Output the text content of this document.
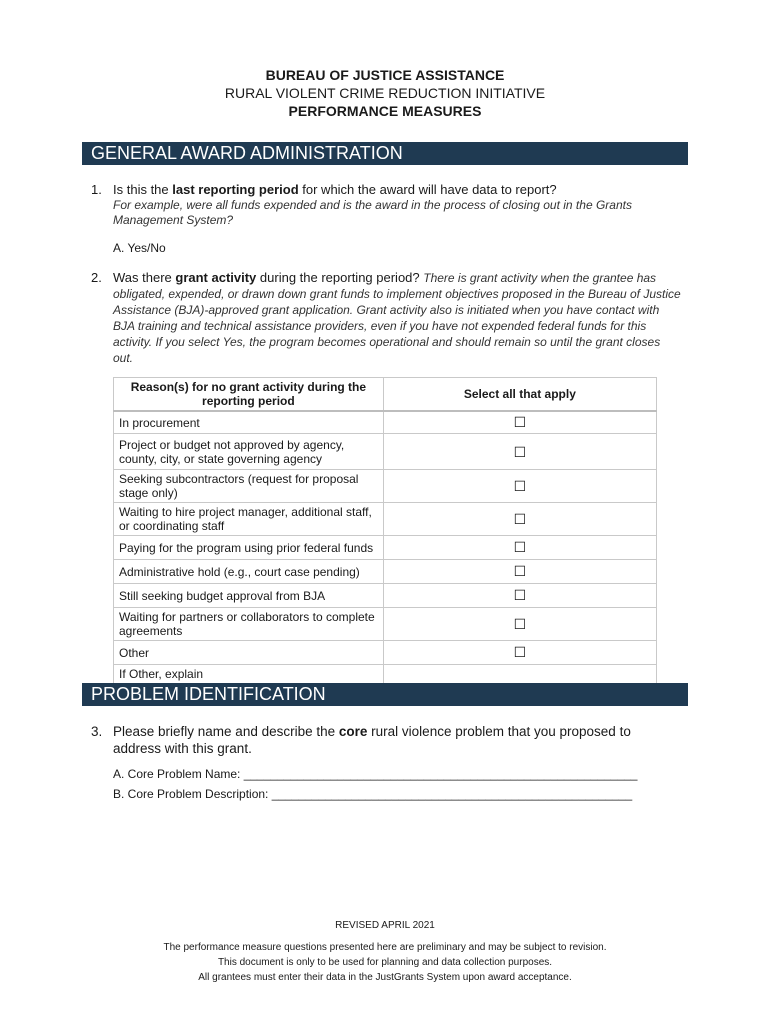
BUREAU OF JUSTICE ASSISTANCE
RURAL VIOLENT CRIME REDUCTION INITIATIVE
PERFORMANCE MEASURES
GENERAL AWARD ADMINISTRATION
1. Is this the last reporting period for which the award will have data to report?
For example, were all funds expended and is the award in the process of closing out in the Grants Management System?
A. Yes/No
2. Was there grant activity during the reporting period? There is grant activity when the grantee has obligated, expended, or drawn down grant funds to implement objectives proposed in the Bureau of Justice Assistance (BJA)-approved grant application. Grant activity also is initiated when you have contact with BJA training and technical assistance providers, even if you have not expended federal funds for this activity. If you select Yes, the program becomes operational and should remain so until the grant closes out.
Reason(s) for no grant activity during the reporting period	Select all that apply
In procurement	☐
Project or budget not approved by agency, county, city, or state governing agency	☐
Seeking subcontractors (request for proposal stage only)	☐
Waiting to hire project manager, additional staff, or coordinating staff	☐
Paying for the program using prior federal funds	☐
Administrative hold (e.g., court case pending)	☐
Still seeking budget approval from BJA	☐
Waiting for partners or collaborators to complete agreements	☐
Other	☐
If Other, explain	
PROBLEM IDENTIFICATION
3. Please briefly name and describe the core rural violence problem that you proposed to address with this grant.
A. Core Problem Name: ___________________________________________________________
B. Core Problem Description: ______________________________________________________
REVISED APRIL 2021
The performance measure questions presented here are preliminary and may be subject to revision.
This document is only to be used for planning and data collection purposes.
All grantees must enter their data in the JustGrants System upon award acceptance.
